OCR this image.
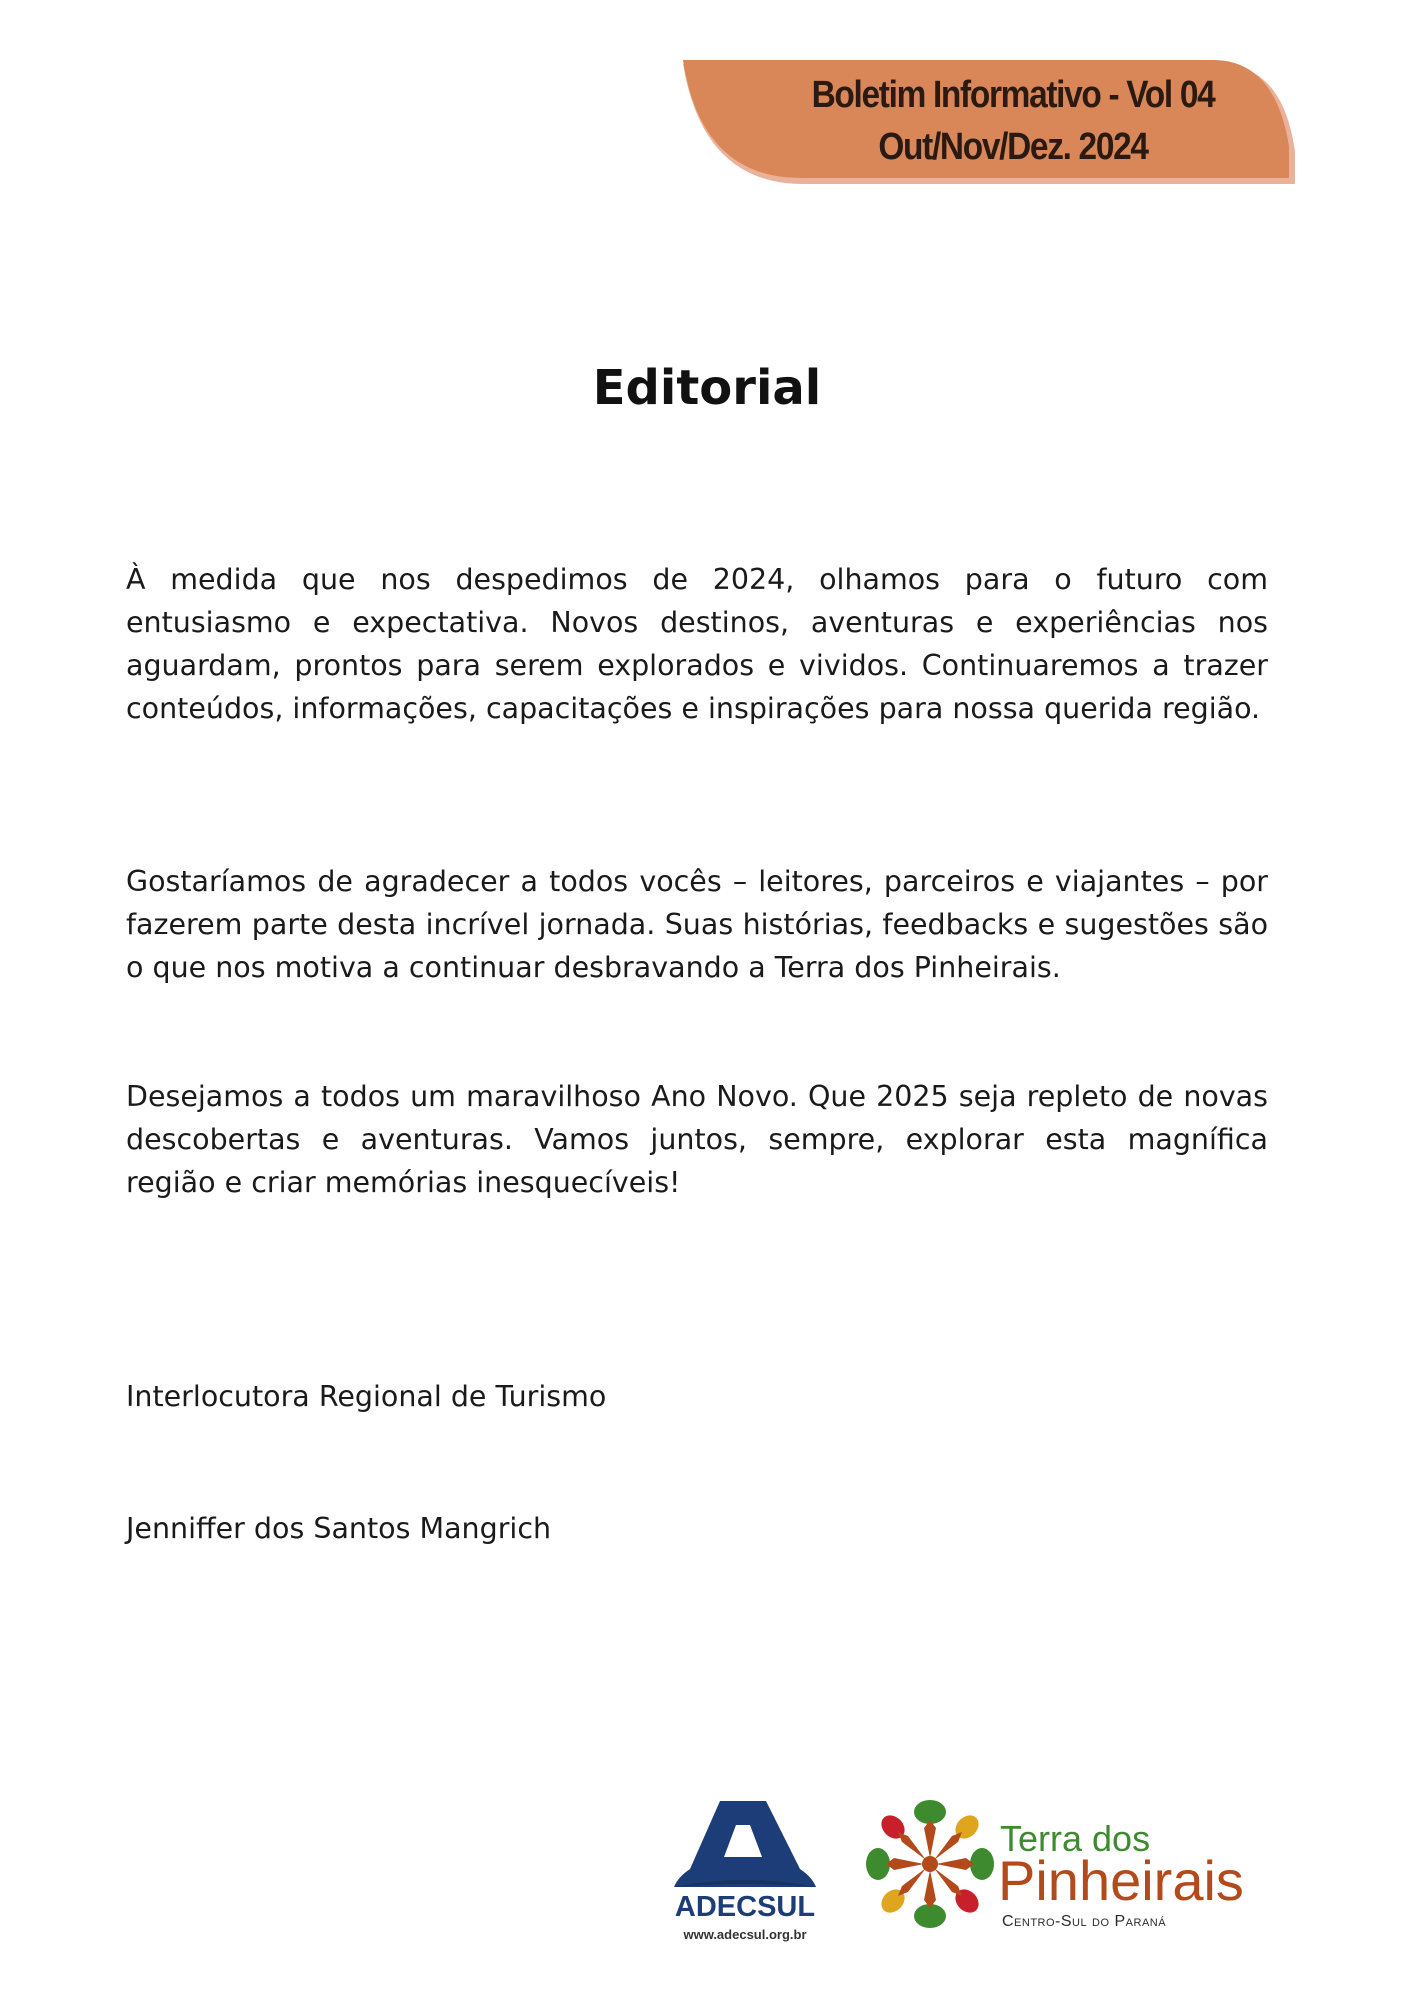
Boletim Informativo - Vol 04
Out/Nov/Dez. 2024
Editorial

À medida que nos despedimos de 2024, olhamos para o futuro com entusiasmo e expectativa. Novos destinos, aventuras e experiências nos aguardam, prontos para serem explorados e vividos. Continuaremos a trazer conteúdos, informações, capacitações e inspirações para nossa querida região.

Gostaríamos de agradecer a todos vocês – leitores, parceiros e viajantes – por fazerem parte desta incrível jornada. Suas histórias, feedbacks e sugestões são o que nos motiva a continuar desbravando a Terra dos Pinheirais.

Desejamos a todos um maravilhoso Ano Novo. Que 2025 seja repleto de novas descobertas e aventuras. Vamos juntos, sempre, explorar esta magnífica região e criar memórias inesquecíveis!

Interlocutora Regional de Turismo
Jenniffer dos Santos Mangrich
ADECSUL
www.adecsul.org.br
Terra dos
Pinheirais
Centro-Sul do Paraná
